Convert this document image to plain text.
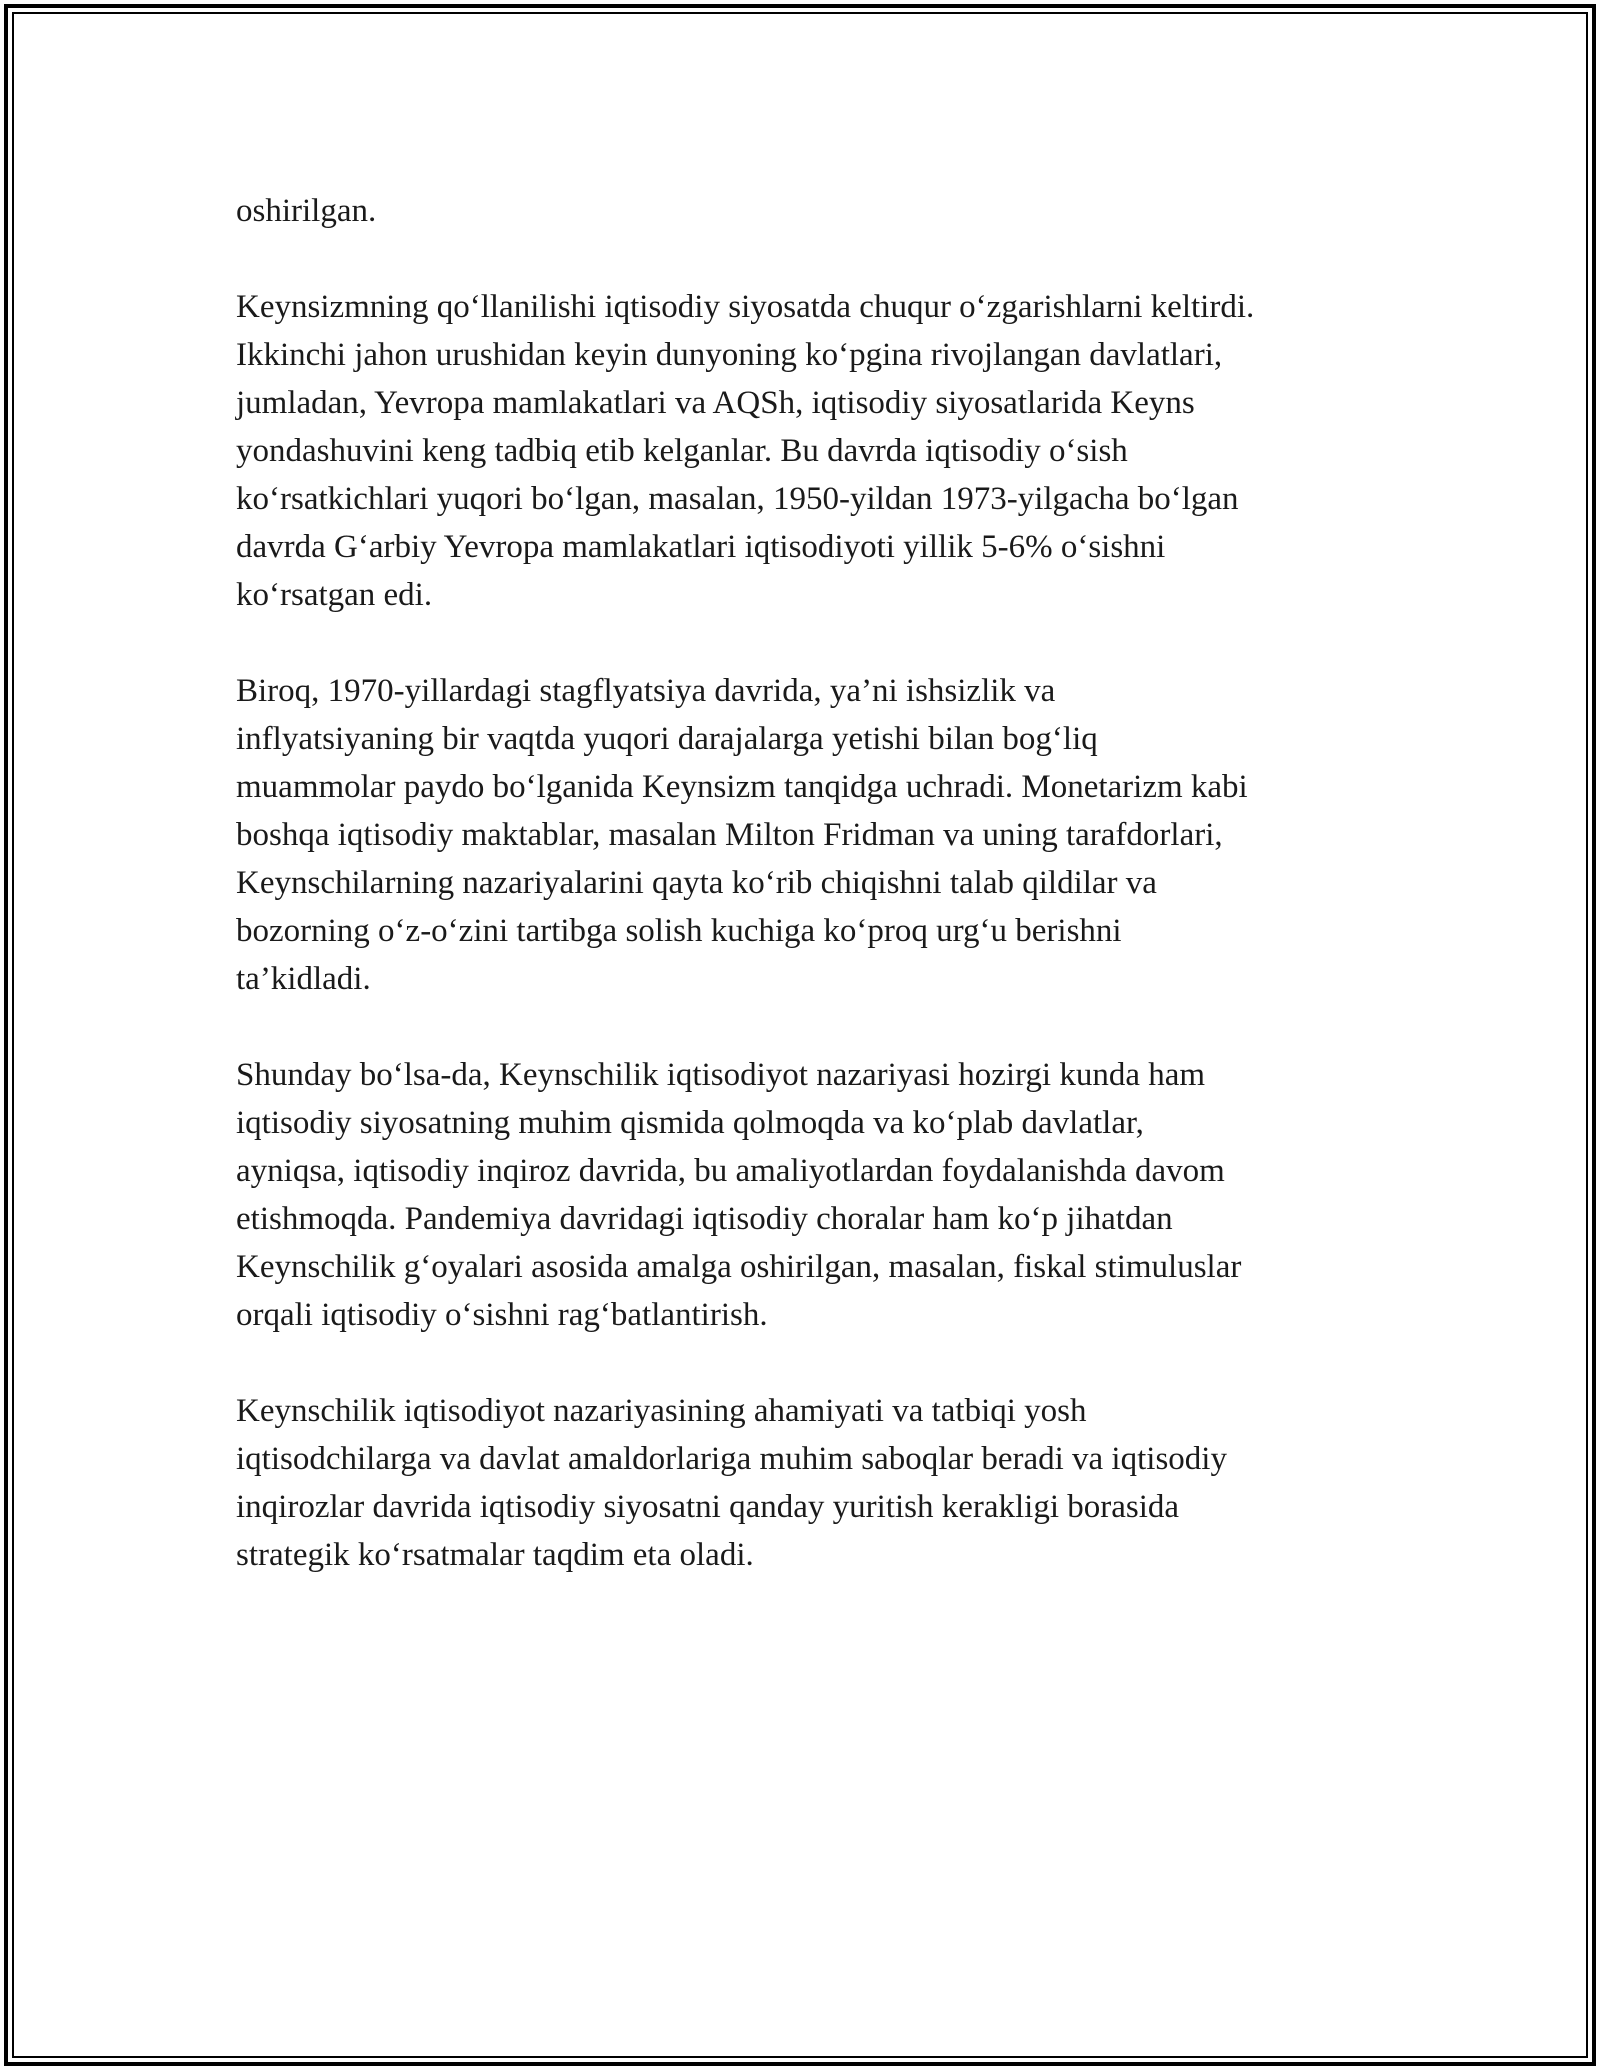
oshirilgan.
Keynsizmning qo‘llanilishi iqtisodiy siyosatda chuqur o‘zgarishlarni keltirdi.
Ikkinchi jahon urushidan keyin dunyoning ko‘pgina rivojlangan davlatlari,
jumladan, Yevropa mamlakatlari va AQSh, iqtisodiy siyosatlarida Keyns
yondashuvini keng tadbiq etib kelganlar. Bu davrda iqtisodiy o‘sish
ko‘rsatkichlari yuqori bo‘lgan, masalan, 1950-yildan 1973-yilgacha bo‘lgan
davrda G‘arbiy Yevropa mamlakatlari iqtisodiyoti yillik 5-6% o‘sishni
ko‘rsatgan edi.
Biroq, 1970-yillardagi stagflyatsiya davrida, ya’ni ishsizlik va
inflyatsiyaning bir vaqtda yuqori darajalarga yetishi bilan bog‘liq
muammolar paydo bo‘lganida Keynsizm tanqidga uchradi. Monetarizm kabi
boshqa iqtisodiy maktablar, masalan Milton Fridman va uning tarafdorlari,
Keynschilarning nazariyalarini qayta ko‘rib chiqishni talab qildilar va
bozorning o‘z-o‘zini tartibga solish kuchiga ko‘proq urg‘u berishni
ta’kidladi.
Shunday bo‘lsa-da, Keynschilik iqtisodiyot nazariyasi hozirgi kunda ham
iqtisodiy siyosatning muhim qismida qolmoqda va ko‘plab davlatlar,
ayniqsa, iqtisodiy inqiroz davrida, bu amaliyotlardan foydalanishda davom
etishmoqda. Pandemiya davridagi iqtisodiy choralar ham ko‘p jihatdan
Keynschilik g‘oyalari asosida amalga oshirilgan, masalan, fiskal stimuluslar
orqali iqtisodiy o‘sishni rag‘batlantirish.
Keynschilik iqtisodiyot nazariyasining ahamiyati va tatbiqi yosh
iqtisodchilarga va davlat amaldorlariga muhim saboqlar beradi va iqtisodiy
inqirozlar davrida iqtisodiy siyosatni qanday yuritish kerakligi borasida
strategik ko‘rsatmalar taqdim eta oladi.
